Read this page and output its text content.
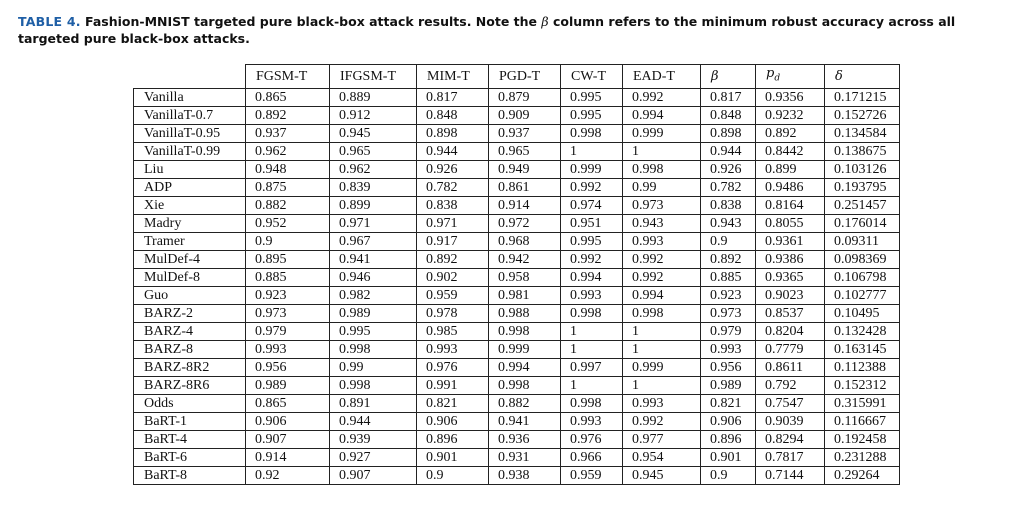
TABLE 4. Fashion-MNIST targeted pure black-box attack results. Note the β column refers to the minimum robust accuracy across all targeted pure black-box attacks.
	FGSM-T	IFGSM-T	MIM-T	PGD-T	CW-T	EAD-T	β	$p_d$	δ
Vanilla	0.865	0.889	0.817	0.879	0.995	0.992	0.817	0.9356	0.171215
VanillaT-0.7	0.892	0.912	0.848	0.909	0.995	0.994	0.848	0.9232	0.152726
VanillaT-0.95	0.937	0.945	0.898	0.937	0.998	0.999	0.898	0.892	0.134584
VanillaT-0.99	0.962	0.965	0.944	0.965	1	1	0.944	0.8442	0.138675
Liu	0.948	0.962	0.926	0.949	0.999	0.998	0.926	0.899	0.103126
ADP	0.875	0.839	0.782	0.861	0.992	0.99	0.782	0.9486	0.193795
Xie	0.882	0.899	0.838	0.914	0.974	0.973	0.838	0.8164	0.251457
Madry	0.952	0.971	0.971	0.972	0.951	0.943	0.943	0.8055	0.176014
Tramer	0.9	0.967	0.917	0.968	0.995	0.993	0.9	0.9361	0.09311
MulDef-4	0.895	0.941	0.892	0.942	0.992	0.992	0.892	0.9386	0.098369
MulDef-8	0.885	0.946	0.902	0.958	0.994	0.992	0.885	0.9365	0.106798
Guo	0.923	0.982	0.959	0.981	0.993	0.994	0.923	0.9023	0.102777
BARZ-2	0.973	0.989	0.978	0.988	0.998	0.998	0.973	0.8537	0.10495
BARZ-4	0.979	0.995	0.985	0.998	1	1	0.979	0.8204	0.132428
BARZ-8	0.993	0.998	0.993	0.999	1	1	0.993	0.7779	0.163145
BARZ-8R2	0.956	0.99	0.976	0.994	0.997	0.999	0.956	0.8611	0.112388
BARZ-8R6	0.989	0.998	0.991	0.998	1	1	0.989	0.792	0.152312
Odds	0.865	0.891	0.821	0.882	0.998	0.993	0.821	0.7547	0.315991
BaRT-1	0.906	0.944	0.906	0.941	0.993	0.992	0.906	0.9039	0.116667
BaRT-4	0.907	0.939	0.896	0.936	0.976	0.977	0.896	0.8294	0.192458
BaRT-6	0.914	0.927	0.901	0.931	0.966	0.954	0.901	0.7817	0.231288
BaRT-8	0.92	0.907	0.9	0.938	0.959	0.945	0.9	0.7144	0.29264
